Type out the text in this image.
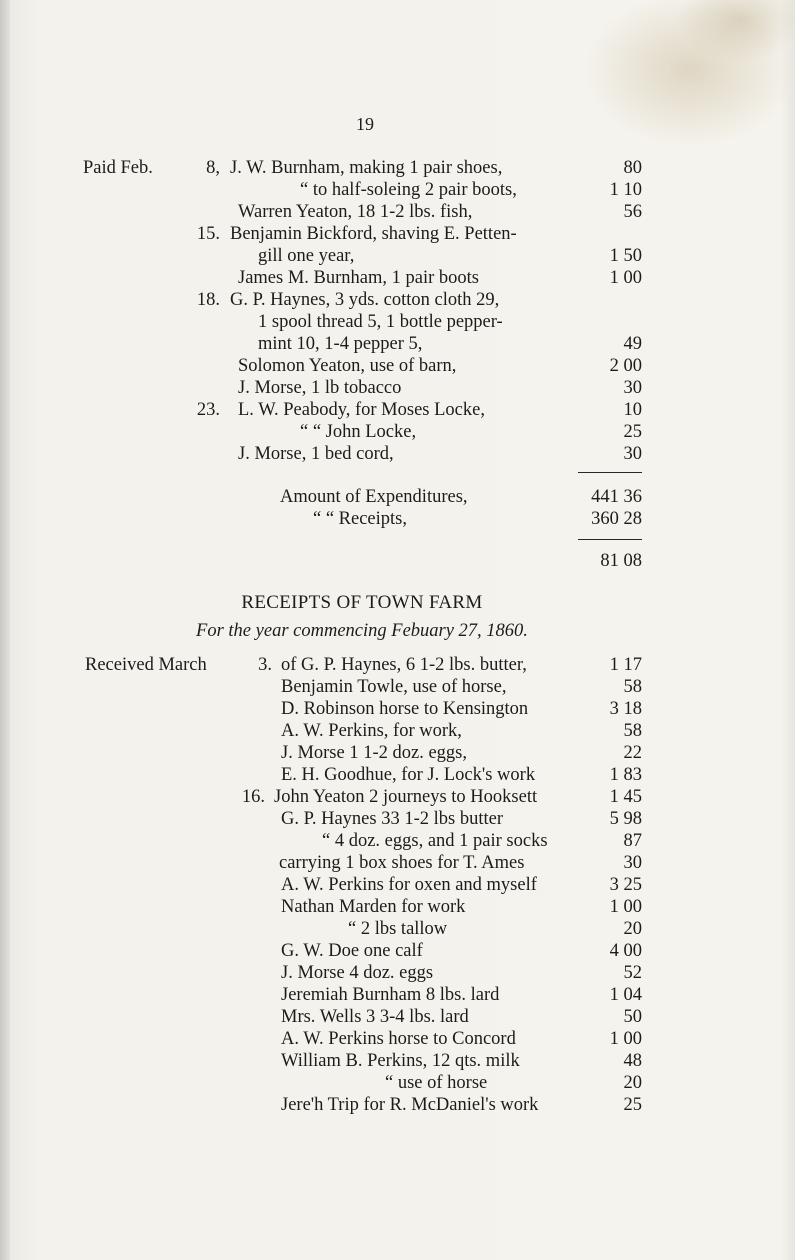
19
Paid Feb.	8, J. W. Burnham, making 1 pair shoes,	80
“ to half-soleing 2 pair boots,	1 10
Warren Yeaton, 18 1-2 lbs. fish,	56
15. Benjamin Bickford, shaving E. Petten-
gill one year,	1 50
James M. Burnham, 1 pair boots	1 00
18. G. P. Haynes, 3 yds. cotton cloth 29,
1 spool thread 5, 1 bottle pepper-
mint 10, 1-4 pepper 5,	49
Solomon Yeaton, use of barn,	2 00
J. Morse, 1 lb tobacco	30
23. L. W. Peabody, for Moses Locke,	10
“ “ John Locke,	25
J. Morse, 1 bed cord,	30
Amount of Expenditures,	441 36
“ “ Receipts,	360 28
81 08
RECEIPTS OF TOWN FARM
For the year commencing Febuary 27, 1860.
Received March	3. of G. P. Haynes, 6 1-2 lbs. butter,	1 17
Benjamin Towle, use of horse,	58
D. Robinson horse to Kensington	3 18
A. W. Perkins, for work,	58
J. Morse 1 1-2 doz. eggs,	22
E. H. Goodhue, for J. Lock's work	1 83
16. John Yeaton 2 journeys to Hooksett	1 45
G. P. Haynes 33 1-2 lbs butter	5 98
“ 4 doz. eggs, and 1 pair socks	87
carrying 1 box shoes for T. Ames	30
A. W. Perkins for oxen and myself	3 25
Nathan Marden for work	1 00
“ 2 lbs tallow	20
G. W. Doe one calf	4 00
J. Morse 4 doz. eggs	52
Jeremiah Burnham 8 lbs. lard	1 04
Mrs. Wells 3 3-4 lbs. lard	50
A. W. Perkins horse to Concord	1 00
William B. Perkins, 12 qts. milk	48
“ use of horse	20
Jere'h Trip for R. McDaniel's work	25
